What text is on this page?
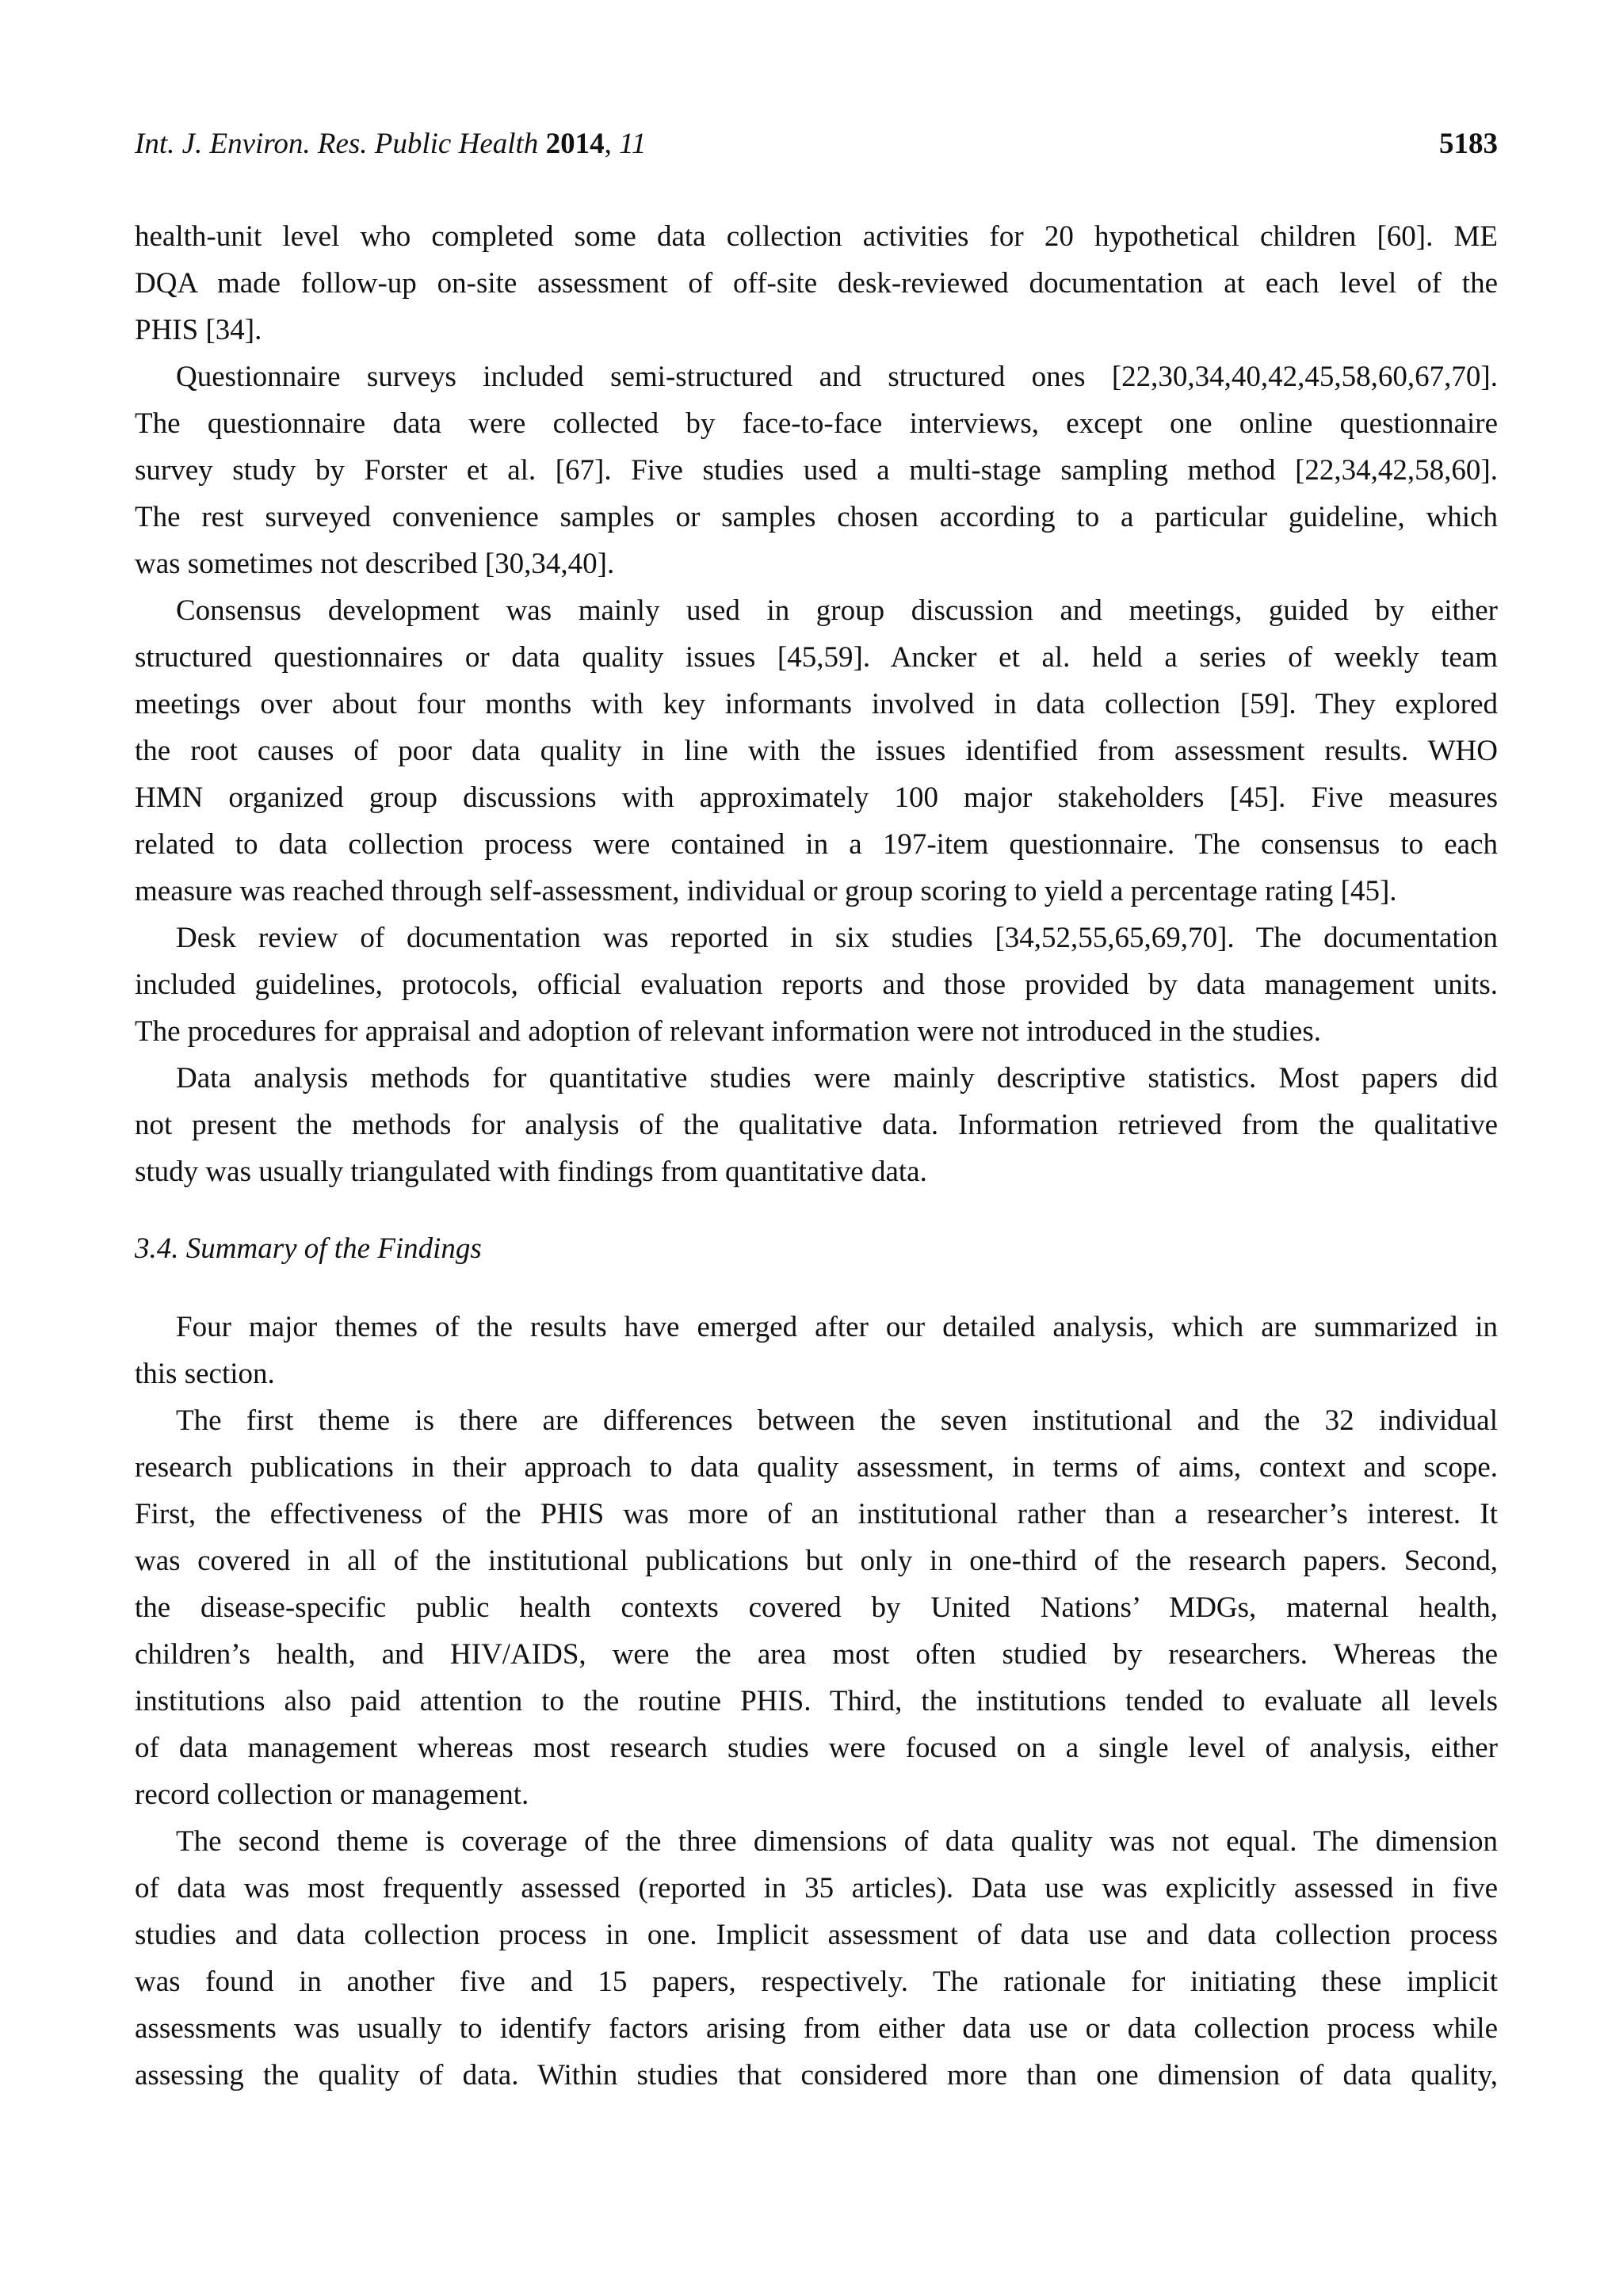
Int. J. Environ. Res. Public Health 2014, 11	5183
health-unit level who completed some data collection activities for 20 hypothetical children [60]. ME
DQA made follow-up on-site assessment of off-site desk-reviewed documentation at each level of the
PHIS [34].
Questionnaire surveys included semi-structured and structured ones [22,30,34,40,42,45,58,60,67,70].
The questionnaire data were collected by face-to-face interviews, except one online questionnaire
survey study by Forster et al. [67]. Five studies used a multi-stage sampling method [22,34,42,58,60].
The rest surveyed convenience samples or samples chosen according to a particular guideline, which
was sometimes not described [30,34,40].
Consensus development was mainly used in group discussion and meetings, guided by either
structured questionnaires or data quality issues [45,59]. Ancker et al. held a series of weekly team
meetings over about four months with key informants involved in data collection [59]. They explored
the root causes of poor data quality in line with the issues identified from assessment results. WHO
HMN organized group discussions with approximately 100 major stakeholders [45]. Five measures
related to data collection process were contained in a 197-item questionnaire. The consensus to each
measure was reached through self-assessment, individual or group scoring to yield a percentage rating [45].
Desk review of documentation was reported in six studies [34,52,55,65,69,70]. The documentation
included guidelines, protocols, official evaluation reports and those provided by data management units.
The procedures for appraisal and adoption of relevant information were not introduced in the studies.
Data analysis methods for quantitative studies were mainly descriptive statistics. Most papers did
not present the methods for analysis of the qualitative data. Information retrieved from the qualitative
study was usually triangulated with findings from quantitative data.
3.4. Summary of the Findings
Four major themes of the results have emerged after our detailed analysis, which are summarized in
this section.
The first theme is there are differences between the seven institutional and the 32 individual
research publications in their approach to data quality assessment, in terms of aims, context and scope.
First, the effectiveness of the PHIS was more of an institutional rather than a researcher’s interest. It
was covered in all of the institutional publications but only in one-third of the research papers. Second,
the disease-specific public health contexts covered by United Nations’ MDGs, maternal health,
children’s health, and HIV/AIDS, were the area most often studied by researchers. Whereas the
institutions also paid attention to the routine PHIS. Third, the institutions tended to evaluate all levels
of data management whereas most research studies were focused on a single level of analysis, either
record collection or management.
The second theme is coverage of the three dimensions of data quality was not equal. The dimension
of data was most frequently assessed (reported in 35 articles). Data use was explicitly assessed in five
studies and data collection process in one. Implicit assessment of data use and data collection process
was found in another five and 15 papers, respectively. The rationale for initiating these implicit
assessments was usually to identify factors arising from either data use or data collection process while
assessing the quality of data. Within studies that considered more than one dimension of data quality,
